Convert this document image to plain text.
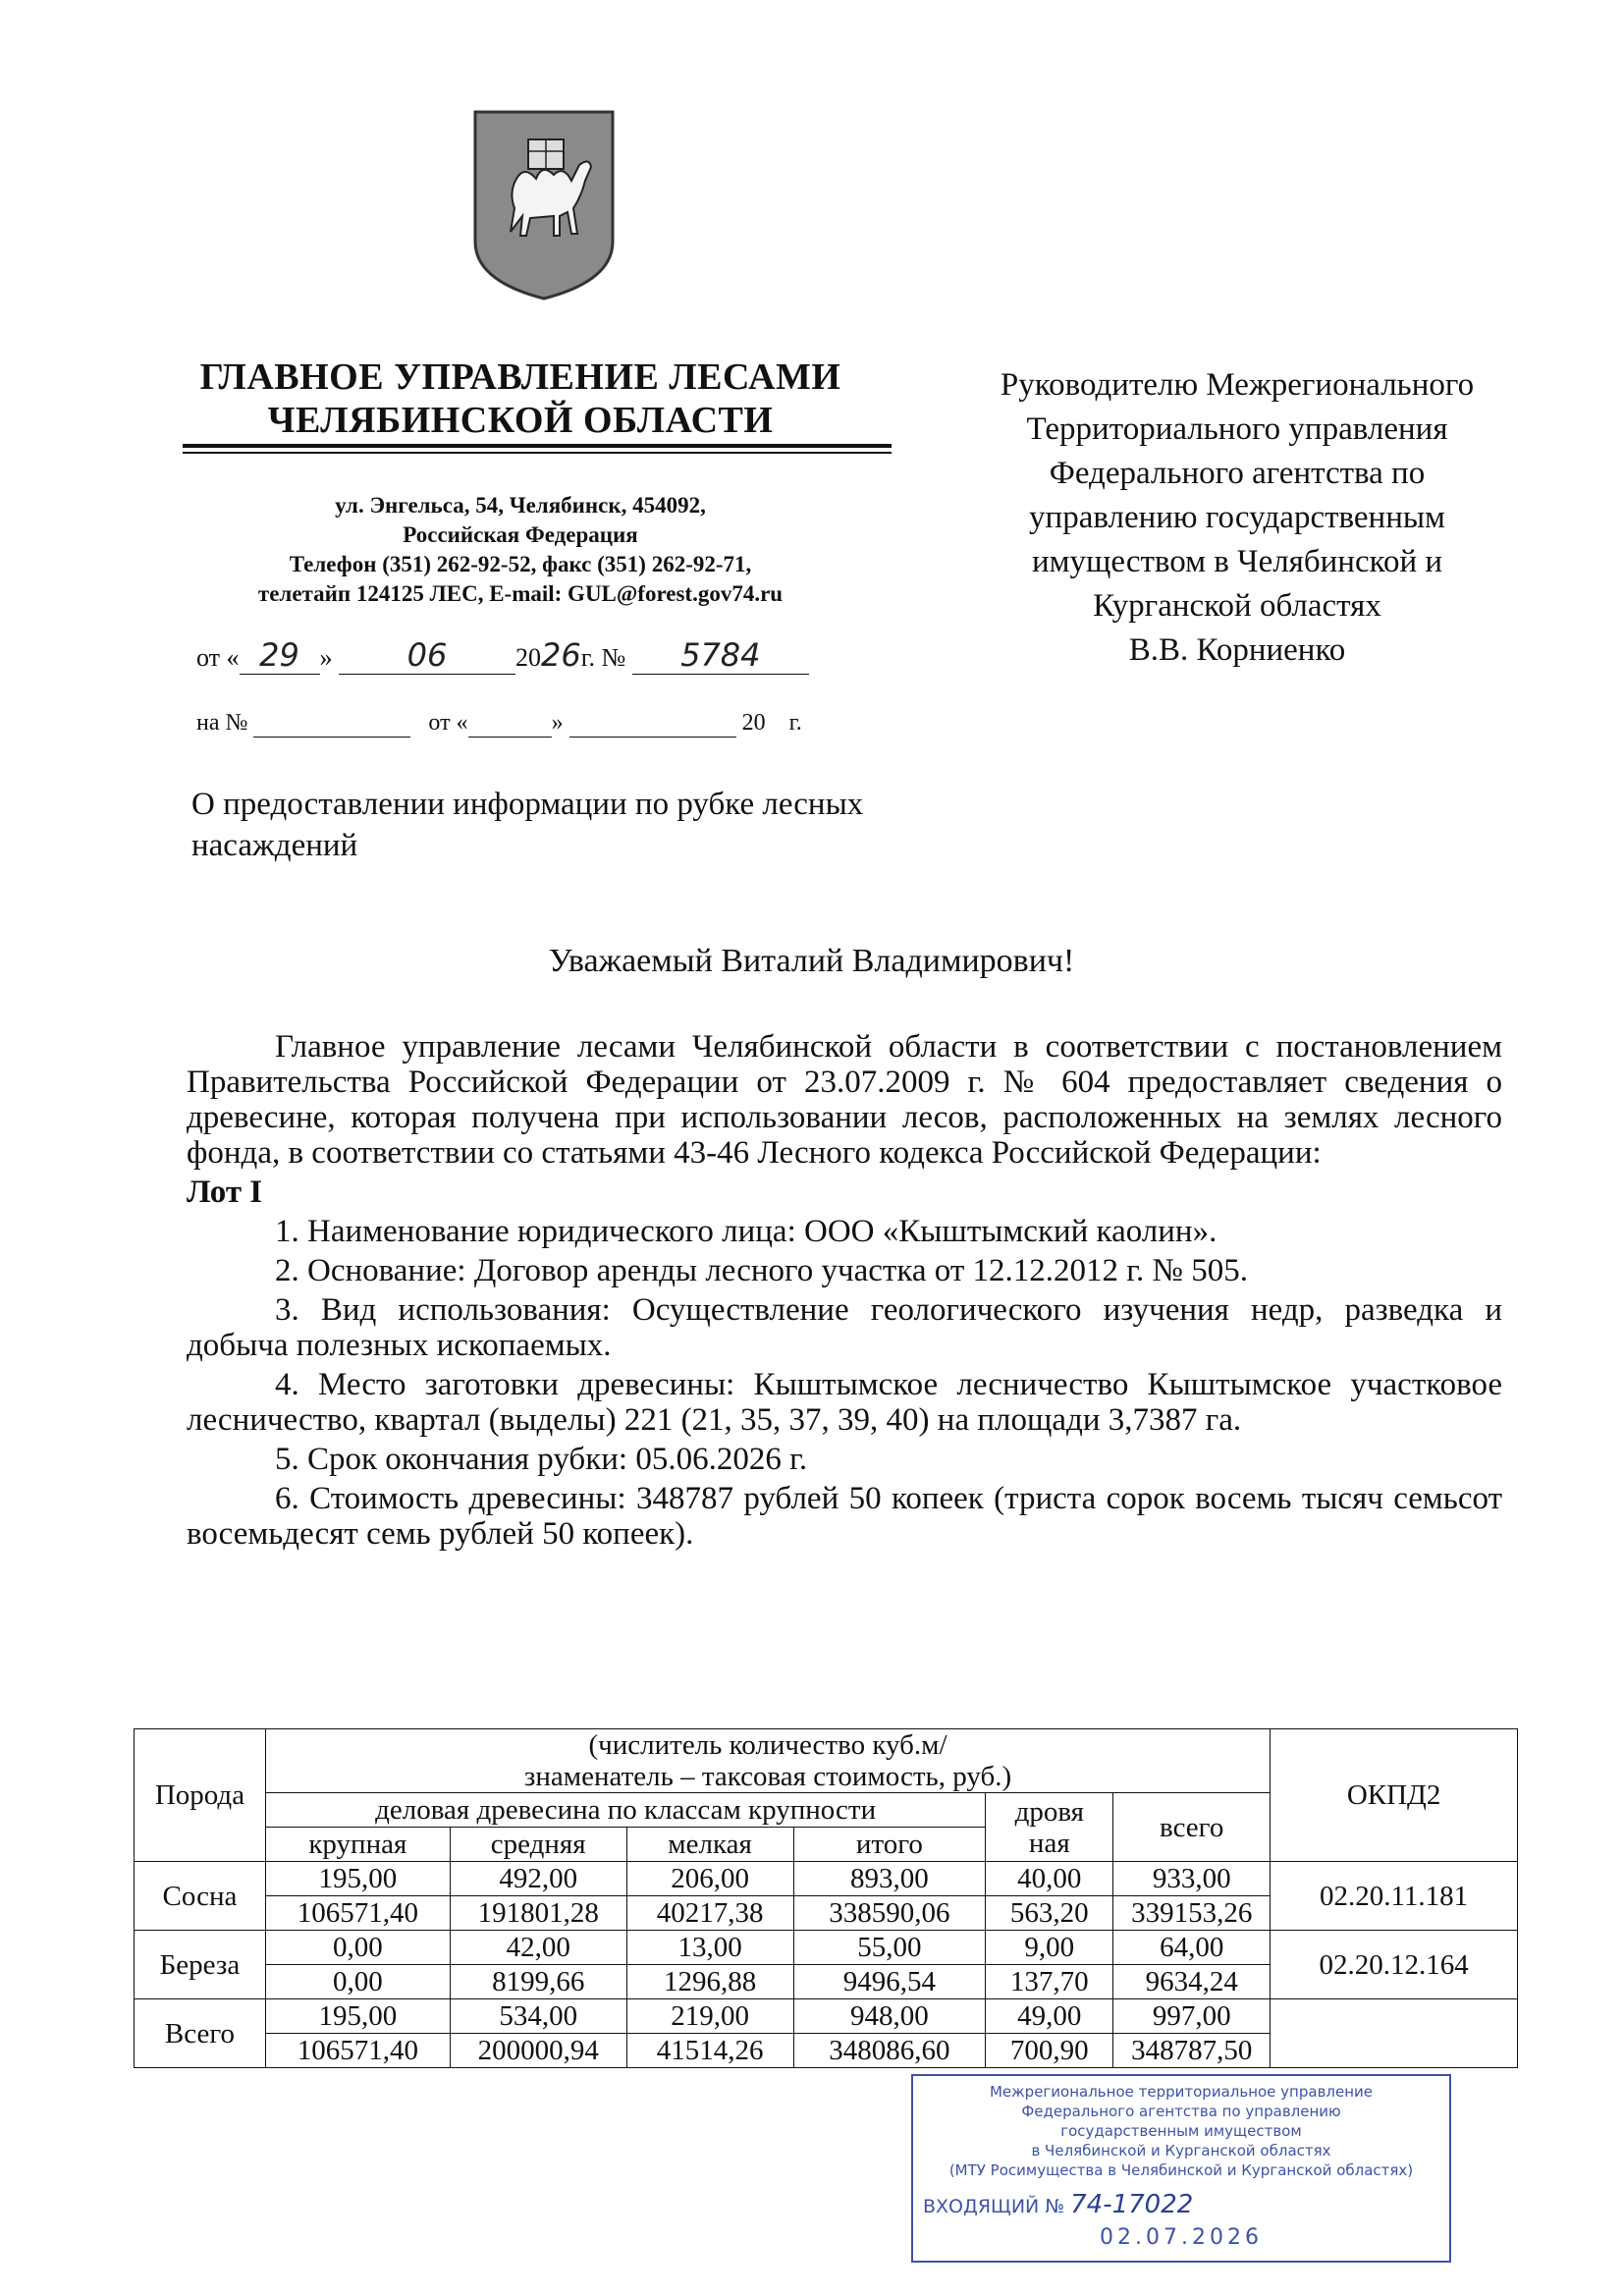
ГЛАВНОЕ УПРАВЛЕНИЕ ЛЕСАМИ
ЧЕЛЯБИНСКОЙ ОБЛАСТИ
ул. Энгельса, 54, Челябинск, 454092,
Российская Федерация
Телефон (351) 262-92-52, факс (351) 262-92-71,
телетайп 124125 ЛЕС, E-mail: GUL@forest.gov74.ru
Руководителю Межрегионального
Территориального управления
Федерального агентства по
управлению государственным
имуществом в Челябинской и
Курганской областях
В.В. Корниенко
от « 29 » 06	2026г. № 5784
на №	от «	»	20 г.
О предоставлении информации по рубке лесных насаждений
Уважаемый Виталий Владимирович!

Главное управление лесами Челябинской области в соответствии с постановлением Правительства Российской Федерации от 23.07.2009 г. № 604 предоставляет сведения о древесине, которая получена при использовании лесов, расположенных на землях лесного фонда, в соответствии со статьями 43-46 Лесного кодекса Российской Федерации:

Лот I

1. Наименование юридического лица: ООО «Кыштымский каолин».

2. Основание: Договор аренды лесного участка от 12.12.2012 г. № 505.

3. Вид использования: Осуществление геологического изучения недр, разведка и добыча полезных ископаемых.

4. Место заготовки древесины: Кыштымское лесничество Кыштымское участковое лесничество, квартал (выделы) 221 (21, 35, 37, 39, 40) на площади 3,7387 га.

5. Срок окончания рубки: 05.06.2026 г.

6. Стоимость древесины: 348787 рублей 50 копеек (триста сорок восемь тысяч семьсот восемьдесят семь рублей 50 копеек).

Порода	(числитель количество куб.м/
знаменатель – таксовая стоимость, руб.)						ОКПД2
	деловая древесина по классам крупности				дровя
ная	всего	
	крупная	средняя	мелкая	итого			
Сосна	195,00	492,00	206,00	893,00	40,00	933,00	02.20.11.181
	106571,40	191801,28	40217,38	338590,06	563,20	339153,26	
Береза	0,00	42,00	13,00	55,00	9,00	64,00	02.20.12.164
	0,00	8199,66	1296,88	9496,54	137,70	9634,24	
Всего	195,00	534,00	219,00	948,00	49,00	997,00	
	106571,40	200000,94	41514,26	348086,60	700,90	348787,50	
Межрегиональное территориальное управление
Федерального агентства по управлению
государственным имуществом
в Челябинской и Курганской областях
(МТУ Росимущества в Челябинской и Курганской областях)
ВХОДЯЩИЙ № 74-17022
02.07.2026
